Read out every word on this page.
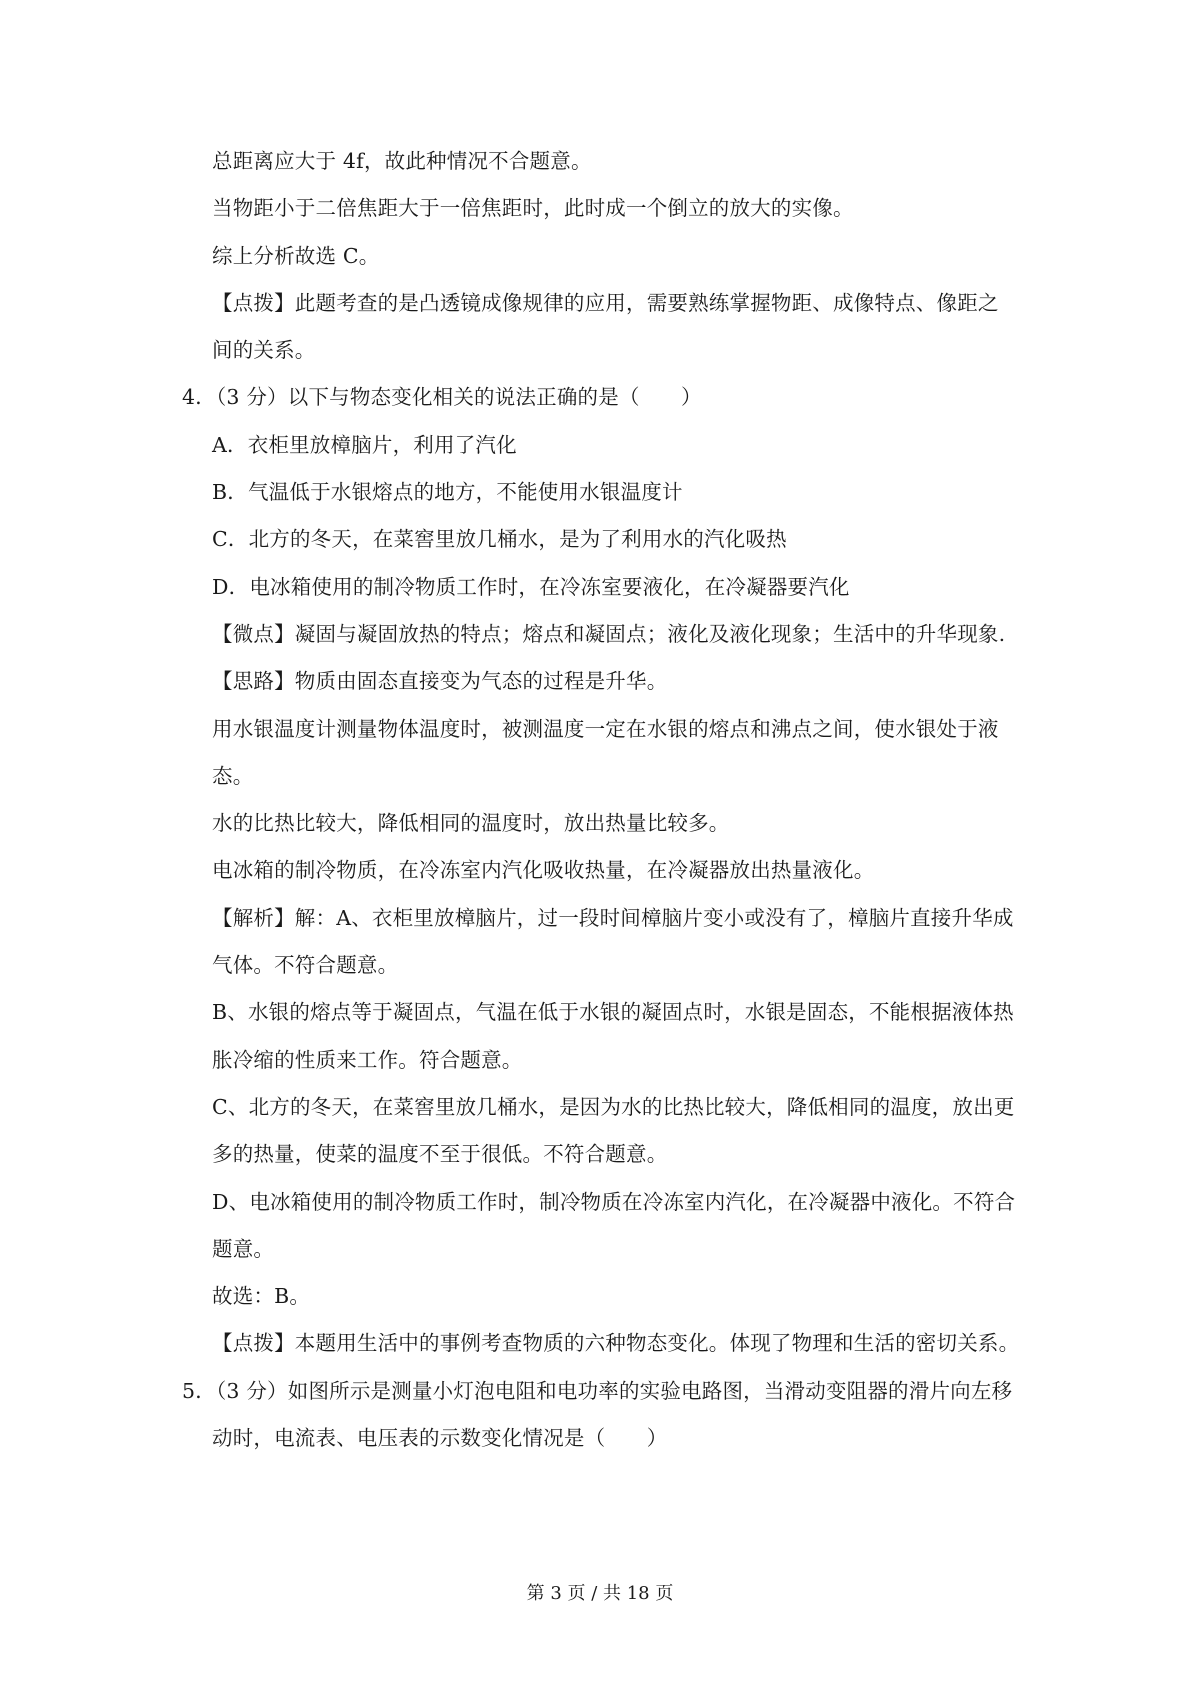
总距离应大于 4f，故此种情况不合题意。
当物距小于二倍焦距大于一倍焦距时，此时成一个倒立的放大的实像。
综上分析故选 C。
【点拨】此题考查的是凸透镜成像规律的应用，需要熟练掌握物距、成像特点、像距之
间的关系。
4．（3 分）以下与物态变化相关的说法正确的是（　　）
A．衣柜里放樟脑片，利用了汽化
B．气温低于水银熔点的地方，不能使用水银温度计
C．北方的冬天，在菜窖里放几桶水，是为了利用水的汽化吸热
D．电冰箱使用的制冷物质工作时，在冷冻室要液化，在冷凝器要汽化
【微点】凝固与凝固放热的特点；熔点和凝固点；液化及液化现象；生活中的升华现象.
【思路】物质由固态直接变为气态的过程是升华。
用水银温度计测量物体温度时，被测温度一定在水银的熔点和沸点之间，使水银处于液
态。
水的比热比较大，降低相同的温度时，放出热量比较多。
电冰箱的制冷物质，在冷冻室内汽化吸收热量，在冷凝器放出热量液化。
【解析】解：A、衣柜里放樟脑片，过一段时间樟脑片变小或没有了，樟脑片直接升华成
气体。不符合题意。
B、水银的熔点等于凝固点，气温在低于水银的凝固点时，水银是固态，不能根据液体热
胀冷缩的性质来工作。符合题意。
C、北方的冬天，在菜窖里放几桶水，是因为水的比热比较大，降低相同的温度，放出更
多的热量，使菜的温度不至于很低。不符合题意。
D、电冰箱使用的制冷物质工作时，制冷物质在冷冻室内汽化，在冷凝器中液化。不符合
题意。
故选：B。
【点拨】本题用生活中的事例考查物质的六种物态变化。体现了物理和生活的密切关系。
5．（3 分）如图所示是测量小灯泡电阻和电功率的实验电路图，当滑动变阻器的滑片向左移
动时，电流表、电压表的示数变化情况是（　　）
第 3 页 / 共 18 页
